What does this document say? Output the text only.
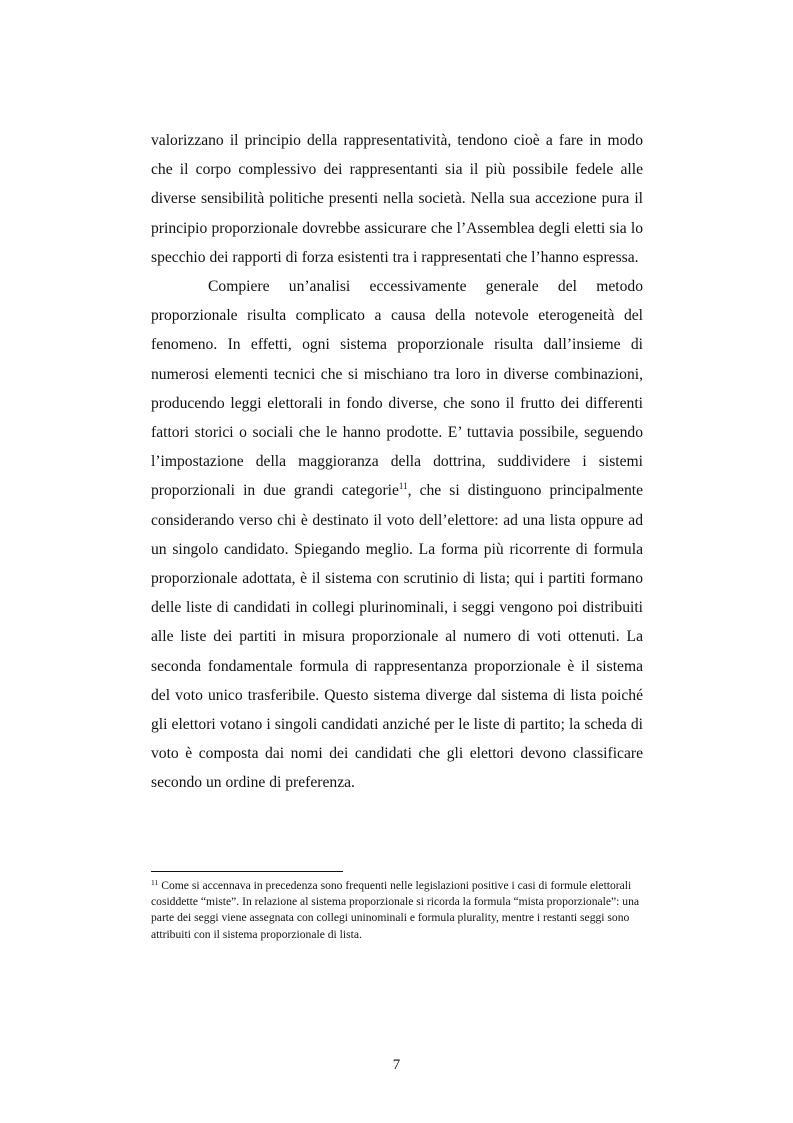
valorizzano il principio della rappresentatività, tendono cioè a fare in modo che il corpo complessivo dei rappresentanti sia il più possibile fedele alle diverse sensibilità politiche presenti nella società. Nella sua accezione pura il principio proporzionale dovrebbe assicurare che l’Assemblea degli eletti sia lo specchio dei rapporti di forza esistenti tra i rappresentati che l’hanno espressa.

Compiere un’analisi eccessivamente generale del metodo proporzionale risulta complicato a causa della notevole eterogeneità del fenomeno. In effetti, ogni sistema proporzionale risulta dall’insieme di numerosi elementi tecnici che si mischiano tra loro in diverse combinazioni, producendo leggi elettorali in fondo diverse, che sono il frutto dei differenti fattori storici o sociali che le hanno prodotte. E’ tuttavia possibile, seguendo l’impostazione della maggioranza della dottrina, suddividere i sistemi proporzionali in due grandi categorie$^{11}$, che si distinguono principalmente considerando verso chi è destinato il voto dell’elettore: ad una lista oppure ad un singolo candidato. Spiegando meglio. La forma più ricorrente di formula proporzionale adottata, è il sistema con scrutinio di lista; qui i partiti formano delle liste di candidati in collegi plurinominali, i seggi vengono poi distribuiti alle liste dei partiti in misura proporzionale al numero di voti ottenuti. La seconda fondamentale formula di rappresentanza proporzionale è il sistema del voto unico trasferibile. Questo sistema diverge dal sistema di lista poiché gli elettori votano i singoli candidati anziché per le liste di partito; la scheda di voto è composta dai nomi dei candidati che gli elettori devono classificare secondo un ordine di preferenza.

$^{11}$ Come si accennava in precedenza sono frequenti nelle legislazioni positive i casi di formule elettorali cosiddette “miste”. In relazione al sistema proporzionale si ricorda la formula “mista proporzionale”: una parte dei seggi viene assegnata con collegi uninominali e formula plurality, mentre i restanti seggi sono attribuiti con il sistema proporzionale di lista.

7
